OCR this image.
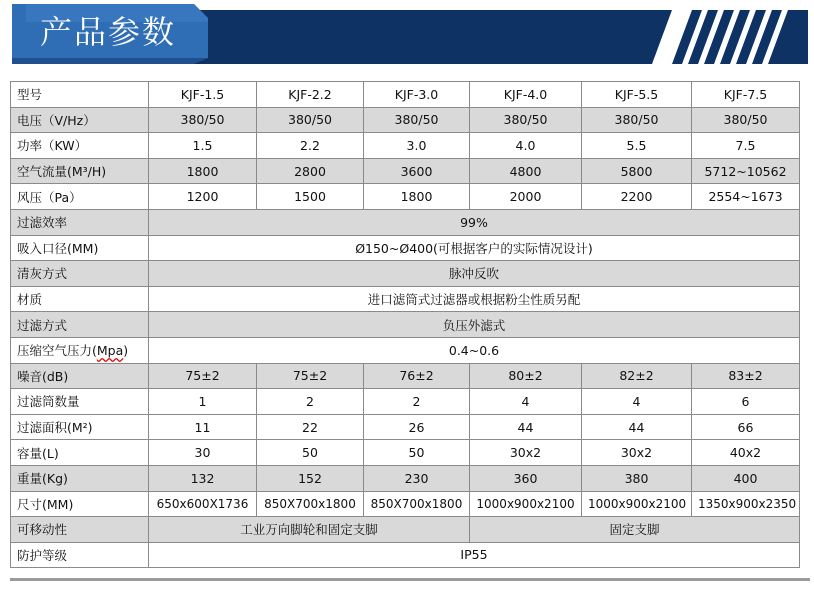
产品参数
型号	KJF-1.5	KJF-2.2	KJF-3.0	KJF-4.0	KJF-5.5	KJF-7.5
电压（V/Hz）	380/50	380/50	380/50	380/50	380/50	380/50
功率（KW）	1.5	2.2	3.0	4.0	5.5	7.5
空气流量(M³/H)	1800	2800	3600	4800	5800	5712~10562
风压（Pa）	1200	1500	1800	2000	2200	2554~1673
过滤效率	99%					
吸入口径(MM)	Ø150~Ø400(可根据客户的实际情况设计)					
清灰方式	脉冲反吹					
材质	进口滤筒式过滤器或根据粉尘性质另配					
过滤方式	负压外滤式					
压缩空气压力(Mpa)	0.4~0.6					
噪音(dB)	75±2	75±2	76±2	80±2	82±2	83±2
过滤筒数量	1	2	2	4	4	6
过滤面积(M²)	11	22	26	44	44	66
容量(L)	30	50	50	30x2	30x2	40x2
重量(Kg)	132	152	230	360	380	400
尺寸(MM)	650x600X1736	850X700x1800	850X700x1800	1000x900x2100	1000x900x2100	1350x900x2350
可移动性	工业万向脚轮和固定支脚			固定支脚		
防护等级	IP55					
